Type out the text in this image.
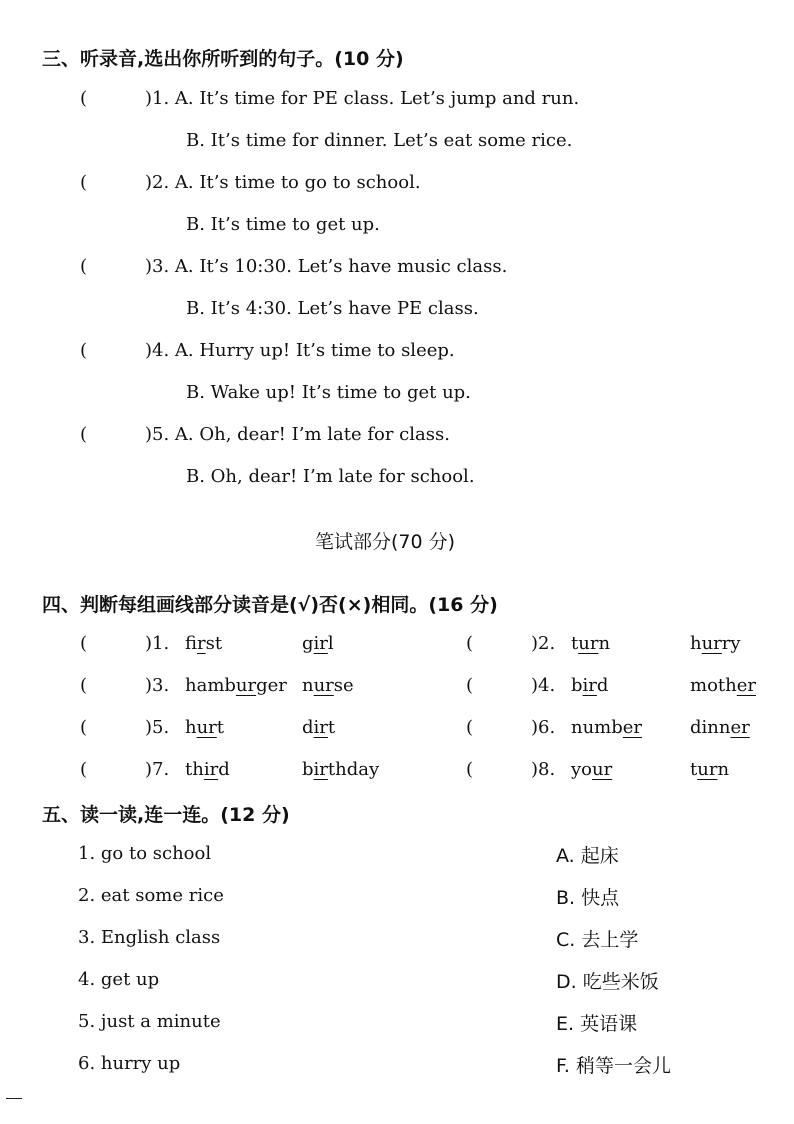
三、听录音,选出你所听到的句子。(10 分)
(	)1. A. It’s time for PE class. Let’s jump and run.
B. It’s time for dinner. Let’s eat some rice.
(	)2. A. It’s time to go to school.
B. It’s time to get up.
(	)3. A. It’s 10:30. Let’s have music class.
B. It’s 4:30. Let’s have PE class.
(	)4. A. Hurry up! It’s time to sleep.
B. Wake up! It’s time to get up.
(	)5. A. Oh, dear! I’m late for class.
B. Oh, dear! I’m late for school.
笔试部分(70 分)
四、判断每组画线部分读音是(√)否(×)相同。(16 分)
(	)1. first	girl	(	)2. turn	hurry
(	)3. hamburger nurse	(	)4. bird	mother
(	)5. hurt	dirt	(	)6. number	dinner
(	)7. third	birthday	(	)8. your	turn
五、读一读,连一连。(12 分)
1. go to school
2. eat some rice
3. English class
4. get up
5. just a minute
6. hurry up
A. 起床
B. 快点
C. 去上学
D. 吃些米饭
E. 英语课
F. 稍等一会儿
